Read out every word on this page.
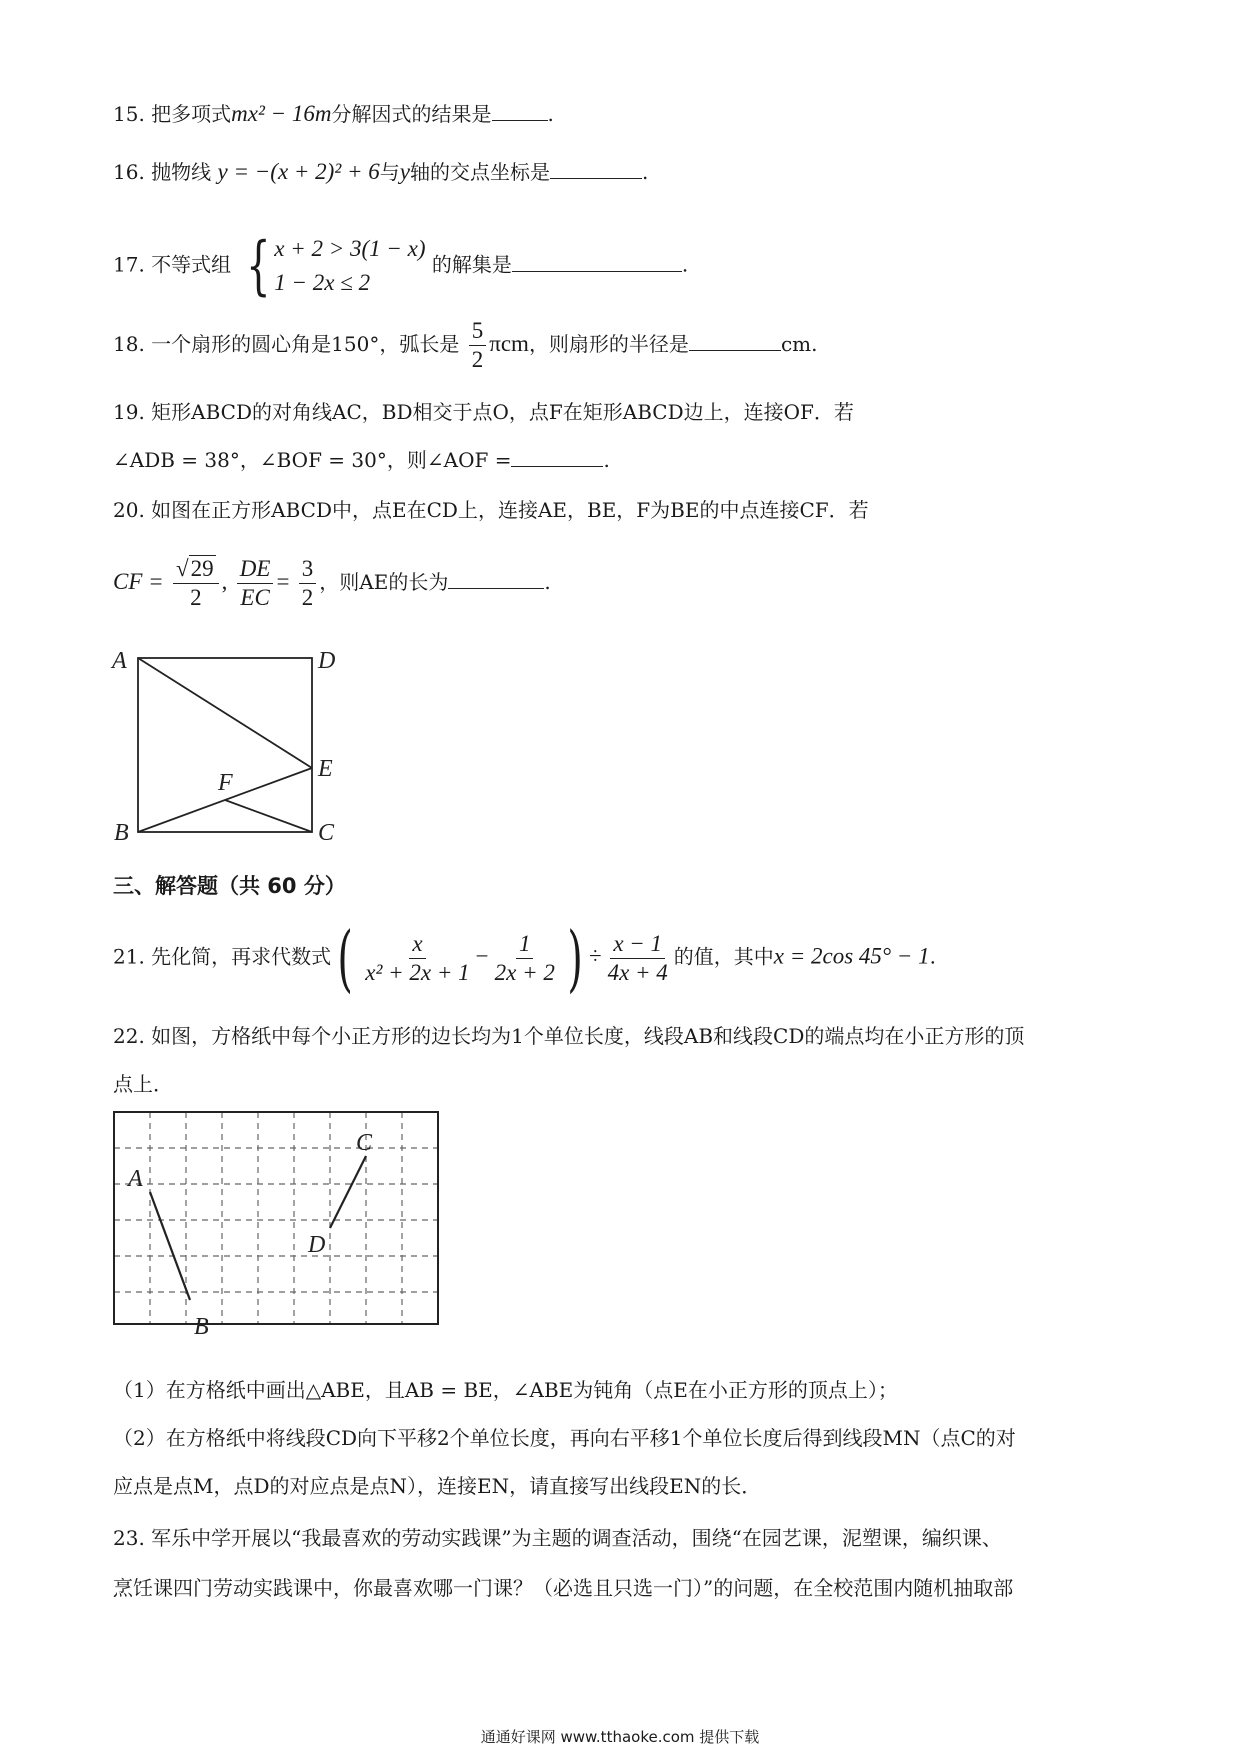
15. 把多项式mx² − 16m分解因式的结果是	.
16. 抛物线 y = −(x + 2)² + 6与y轴的交点坐标是	.
17. 不等式组 { x + 2 > 3(1 − x)
1 − 2x ≤ 2
的解集是	.
18. 一个扇形的圆心角是150°，弧长是 $\frac{5}{2}$ πcm，则扇形的半径是	cm.
19. 矩形ABCD的对角线AC，BD相交于点O，点F在矩形ABCD边上，连接OF．若
∠ADB = 38°，∠BOF = 30°，则∠AOF =	.
20. 如图在正方形ABCD中，点E在CD上，连接AE，BE，F为BE的中点连接CF．若
CF = $\frac{√29}{2}$ , $\frac{DE}{EC} = \frac{3}{2}$ ，则AE的长为	.
A	D
E
F
B	C
三、解答题（共 60 分）
21. 先化简，再求代数式( $\frac{x}{\text{x² + 2x + 1}} - \frac{1}{2x + 2}$ ) ÷ $\frac{x - 1}{4x + 4}$ 的值，其中x = 2cos 45° − 1.
22. 如图，方格纸中每个小正方形的边长均为1个单位长度，线段AB和线段CD的端点均在小正方形的顶
点上．
A
B
C
D
（1）在方格纸中画出△ABE，且AB = BE，∠ABE为钝角（点E在小正方形的顶点上）；
（2）在方格纸中将线段CD向下平移2个单位长度，再向右平移1个单位长度后得到线段MN（点C的对
应点是点M，点D的对应点是点N），连接EN，请直接写出线段EN的长．
23. 军乐中学开展以“我最喜欢的劳动实践课”为主题的调查活动，围绕“在园艺课，泥塑课，编织课、
烹饪课四门劳动实践课中，你最喜欢哪一门课？（必选且只选一门）”的问题，在全校范围内随机抽取部
通通好课网 www.tthaoke.com 提供下载
